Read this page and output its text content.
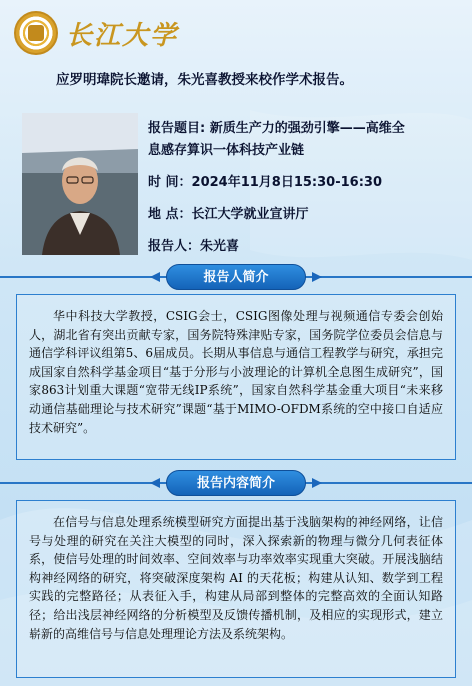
长江大学
应罗明瑋院长邀请，朱光喜教授来校作学术报告。
报告题目: 新质生产力的强劲引擎——高维全
息感存算识一体科技产业链
时 间：2024年11月8日15:30-16:30
地 点：长江大学就业宣讲厅
报告人：朱光喜
报告人简介
华中科技大学教授，CSIG会士，CSIG图像处理与视频通信专委会创始人，湖北省有突出贡献专家，国务院特殊津贴专家，国务院学位委员会信息与通信学科评议组第5、6届成员。长期从事信息与通信工程教学与研究，承担完成国家自然科学基金项目“基于分形与小波理论的计算机全息图生成研究”，国家863计划重大课题“宽带无线IP系统”，国家自然科学基金重大项目“未来移动通信基础理论与技术研究”课题“基于MIMO-OFDM系统的空中接口自适应技术研究”。
报告内容简介
在信号与信息处理系统模型研究方面提出基于浅脑架构的神经网络，让信号与处理的研究在关注大模型的同时，深入探索新的物理与微分几何表征体系，使信号处理的时间效率、空间效率与功率效率实现重大突破。开展浅脑结构神经网络的研究，将突破深度架构 AI 的天花板；构建从认知、数学到工程实践的完整路径；从表征入手，构建从局部到整体的完整高效的全面认知路径；给出浅层神经网络的分析模型及反馈传播机制，及相应的实现形式，建立崭新的高维信号与信息处理理论方法及系统架构。
